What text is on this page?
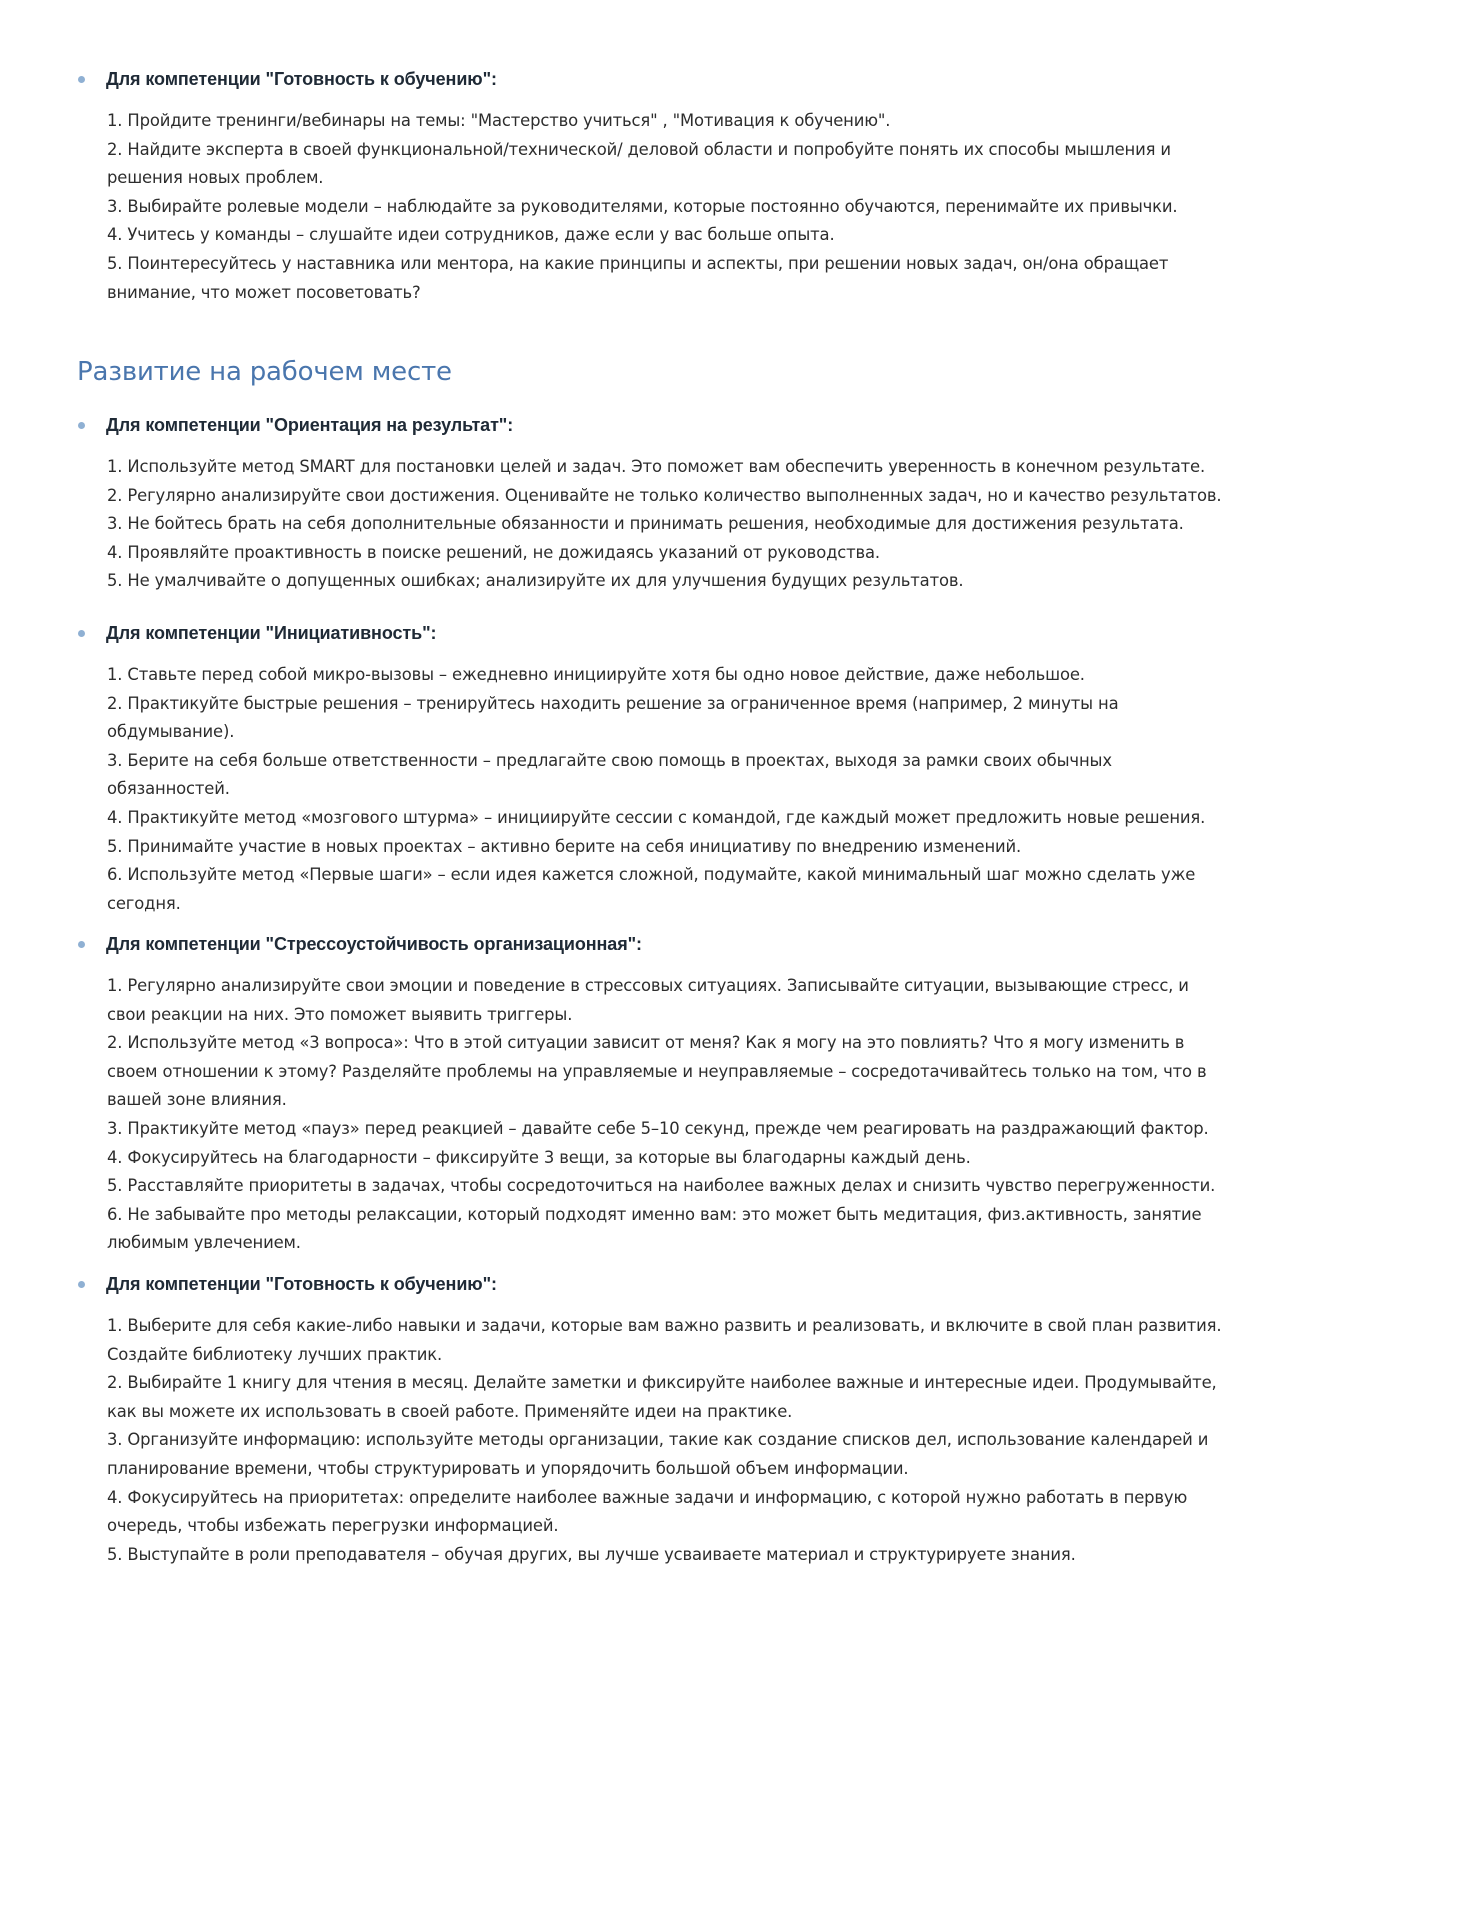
Для компетенции "Готовность к обучению":
1. Пройдите тренинги/вебинары на темы: "Мастерство учиться" , "Мотивация к обучению".
2. Найдите эксперта в своей функциональной/технической/ деловой области и попробуйте понять их способы мышления и
решения новых проблем.
3. Выбирайте ролевые модели – наблюдайте за руководителями, которые постоянно обучаются, перенимайте их привычки.
4. Учитесь у команды – слушайте идеи сотрудников, даже если у вас больше опыта.
5. Поинтересуйтесь у наставника или ментора, на какие принципы и аспекты, при решении новых задач, он/она обращает
внимание, что может посоветовать?
Развитие на рабочем месте
Для компетенции "Ориентация на результат":
1. Используйте метод SMART для постановки целей и задач. Это поможет вам обеспечить уверенность в конечном результате.
2. Регулярно анализируйте свои достижения. Оценивайте не только количество выполненных задач, но и качество результатов.
3. Не бойтесь брать на себя дополнительные обязанности и принимать решения, необходимые для достижения результата.
4. Проявляйте проактивность в поиске решений, не дожидаясь указаний от руководства.
5. Не умалчивайте о допущенных ошибках; анализируйте их для улучшения будущих результатов.
Для компетенции "Инициативность":
1. Ставьте перед собой микро-вызовы – ежедневно инициируйте хотя бы одно новое действие, даже небольшое.
2. Практикуйте быстрые решения – тренируйтесь находить решение за ограниченное время (например, 2 минуты на
обдумывание).
3. Берите на себя больше ответственности – предлагайте свою помощь в проектах, выходя за рамки своих обычных
обязанностей.
4. Практикуйте метод «мозгового штурма» – инициируйте сессии с командой, где каждый может предложить новые решения.
5. Принимайте участие в новых проектах – активно берите на себя инициативу по внедрению изменений.
6. Используйте метод «Первые шаги» – если идея кажется сложной, подумайте, какой минимальный шаг можно сделать уже
сегодня.
Для компетенции "Стрессоустойчивость организационная":
1. Регулярно анализируйте свои эмоции и поведение в стрессовых ситуациях. Записывайте ситуации, вызывающие стресс, и
свои реакции на них. Это поможет выявить триггеры.
2. Используйте метод «3 вопроса»: Что в этой ситуации зависит от меня? Как я могу на это повлиять? Что я могу изменить в
своем отношении к этому? Разделяйте проблемы на управляемые и неуправляемые – сосредотачивайтесь только на том, что в
вашей зоне влияния.
3. Практикуйте метод «пауз» перед реакцией – давайте себе 5–10 секунд, прежде чем реагировать на раздражающий фактор.
4. Фокусируйтесь на благодарности – фиксируйте 3 вещи, за которые вы благодарны каждый день.
5. Расставляйте приоритеты в задачах, чтобы сосредоточиться на наиболее важных делах и снизить чувство перегруженности.
6. Не забывайте про методы релаксации, который подходят именно вам: это может быть медитация, физ.активность, занятие
любимым увлечением.
Для компетенции "Готовность к обучению":
1. Выберите для себя какие-либо навыки и задачи, которые вам важно развить и реализовать, и включите в свой план развития.
Создайте библиотеку лучших практик.
2. Выбирайте 1 книгу для чтения в месяц. Делайте заметки и фиксируйте наиболее важные и интересные идеи. Продумывайте,
как вы можете их использовать в своей работе. Применяйте идеи на практике.
3. Организуйте информацию: используйте методы организации, такие как создание списков дел, использование календарей и
планирование времени, чтобы структурировать и упорядочить большой объем информации.
4. Фокусируйтесь на приоритетах: определите наиболее важные задачи и информацию, с которой нужно работать в первую
очередь, чтобы избежать перегрузки информацией.
5. Выступайте в роли преподавателя – обучая других, вы лучше усваиваете материал и структурируете знания.
